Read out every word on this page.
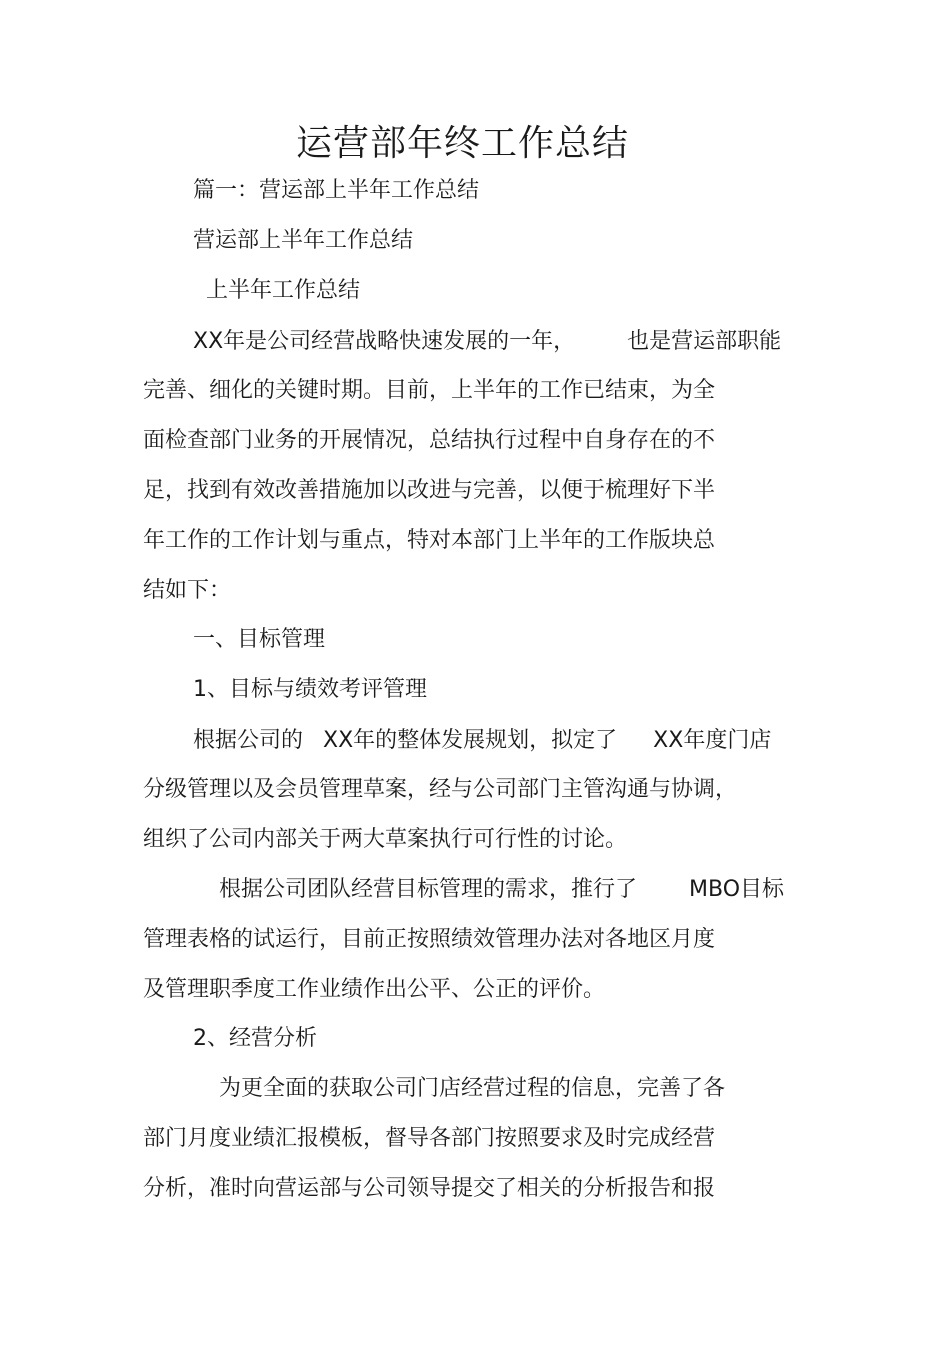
运营部年终工作总结
篇一：营运部上半年工作总结
营运部上半年工作总结
上半年工作总结
XX年是公司经营战略快速发展的一年， 也是营运部职能
完善、细化的关键时期。目前，上半年的工作已结束，为全
面检查部门业务的开展情况，总结执行过程中自身存在的不
足，找到有效改善措施加以改进与完善，以便于梳理好下半
年工作的工作计划与重点，特对本部门上半年的工作版块总
结如下：
一、目标管理
1、目标与绩效考评管理
根据公司的 XX年的整体发展规划，拟定了 XX年度门店
分级管理以及会员管理草案，经与公司部门主管沟通与协调，
组织了公司内部关于两大草案执行可行性的讨论。
根据公司团队经营目标管理的需求，推行了 MBO目标
管理表格的试运行，目前正按照绩效管理办法对各地区月度
及管理职季度工作业绩作出公平、公正的评价。
2、经营分析
为更全面的获取公司门店经营过程的信息，完善了各
部门月度业绩汇报模板，督导各部门按照要求及时完成经营
分析，准时向营运部与公司领导提交了相关的分析报告和报
